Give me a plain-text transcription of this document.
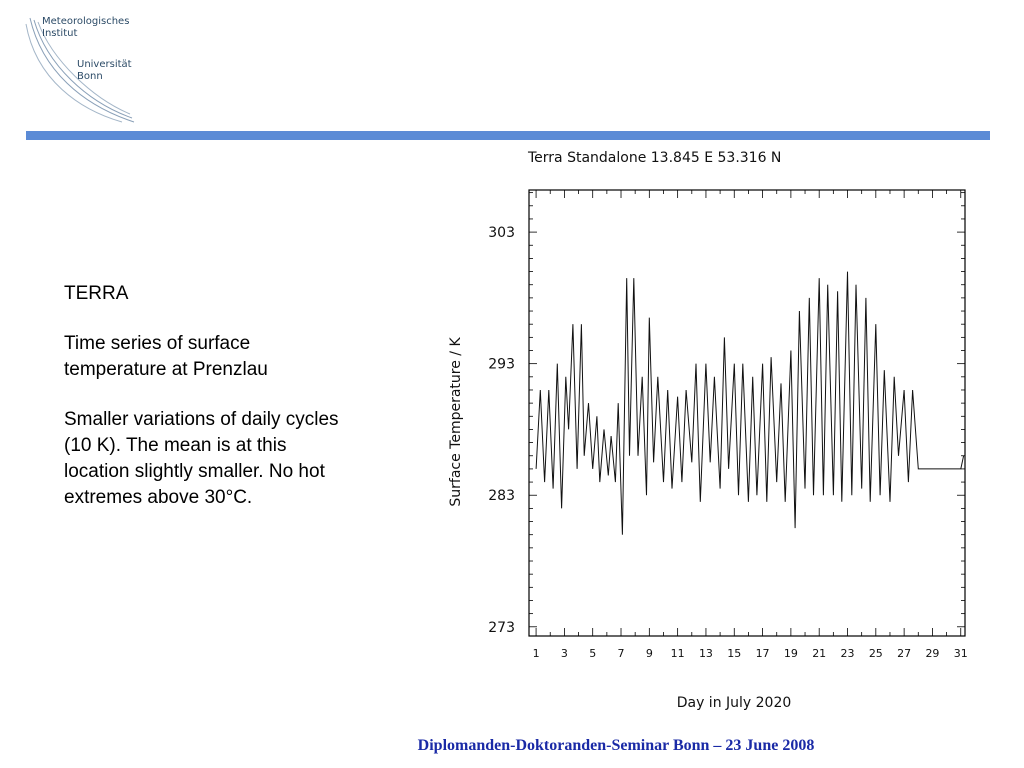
Meteorologisches
Institut
Universität
Bonn

TERRA

Time series of surface temperature at Prenzlau

Smaller variations of daily cycles (10 K). The mean is at this location slightly smaller. No hot extremes above 30°C.

Terra Standalone 13.845 E 53.316 N
1 3 5 7 9 11 13 15 17 19 21 23 25 27 29 31
273
283
293
303
Day in July 2020
Surface Temperature / K
Diplomanden-Doktoranden-Seminar Bonn – 23 June 2008
